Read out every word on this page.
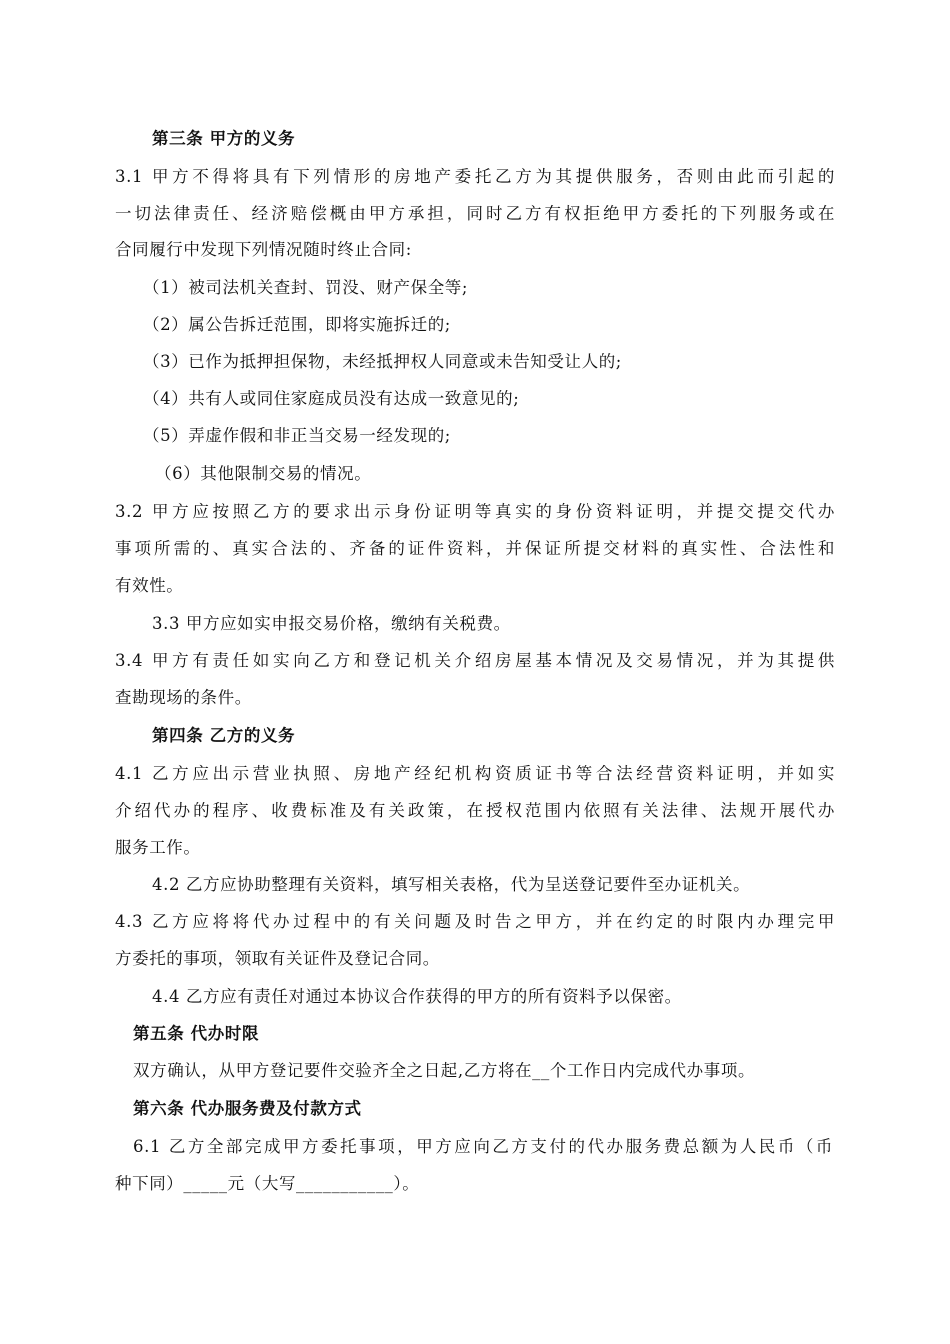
第三条 甲方的义务
3.1 甲方不得将具有下列情形的房地产委托乙方为其提供服务，否则由此而引起的
一切法律责任、经济赔偿概由甲方承担，同时乙方有权拒绝甲方委托的下列服务或在
合同履行中发现下列情况随时终止合同:
（1）被司法机关查封、罚没、财产保全等;
（2）属公告拆迁范围，即将实施拆迁的;
（3）已作为抵押担保物，未经抵押权人同意或未告知受让人的;
（4）共有人或同住家庭成员没有达成一致意见的;
（5）弄虚作假和非正当交易一经发现的;
（6）其他限制交易的情况。
3.2 甲方应按照乙方的要求出示身份证明等真实的身份资料证明，并提交提交代办
事项所需的、真实合法的、齐备的证件资料，并保证所提交材料的真实性、合法性和
有效性。
3.3 甲方应如实申报交易价格，缴纳有关税费。
3.4 甲方有责任如实向乙方和登记机关介绍房屋基本情况及交易情况，并为其提供
查勘现场的条件。
第四条 乙方的义务
4.1 乙方应出示营业执照、房地产经纪机构资质证书等合法经营资料证明，并如实
介绍代办的程序、收费标准及有关政策，在授权范围内依照有关法律、法规开展代办
服务工作。
4.2 乙方应协助整理有关资料，填写相关表格，代为呈送登记要件至办证机关。
4.3 乙方应将将代办过程中的有关问题及时告之甲方，并在约定的时限内办理完甲
方委托的事项，领取有关证件及登记合同。
4.4 乙方应有责任对通过本协议合作获得的甲方的所有资料予以保密。
第五条 代办时限
双方确认，从甲方登记要件交验齐全之日起,乙方将在__个工作日内完成代办事项。
第六条 代办服务费及付款方式
6.1 乙方全部完成甲方委托事项，甲方应向乙方支付的代办服务费总额为人民币（币
种下同）_____元（大写___________）。
